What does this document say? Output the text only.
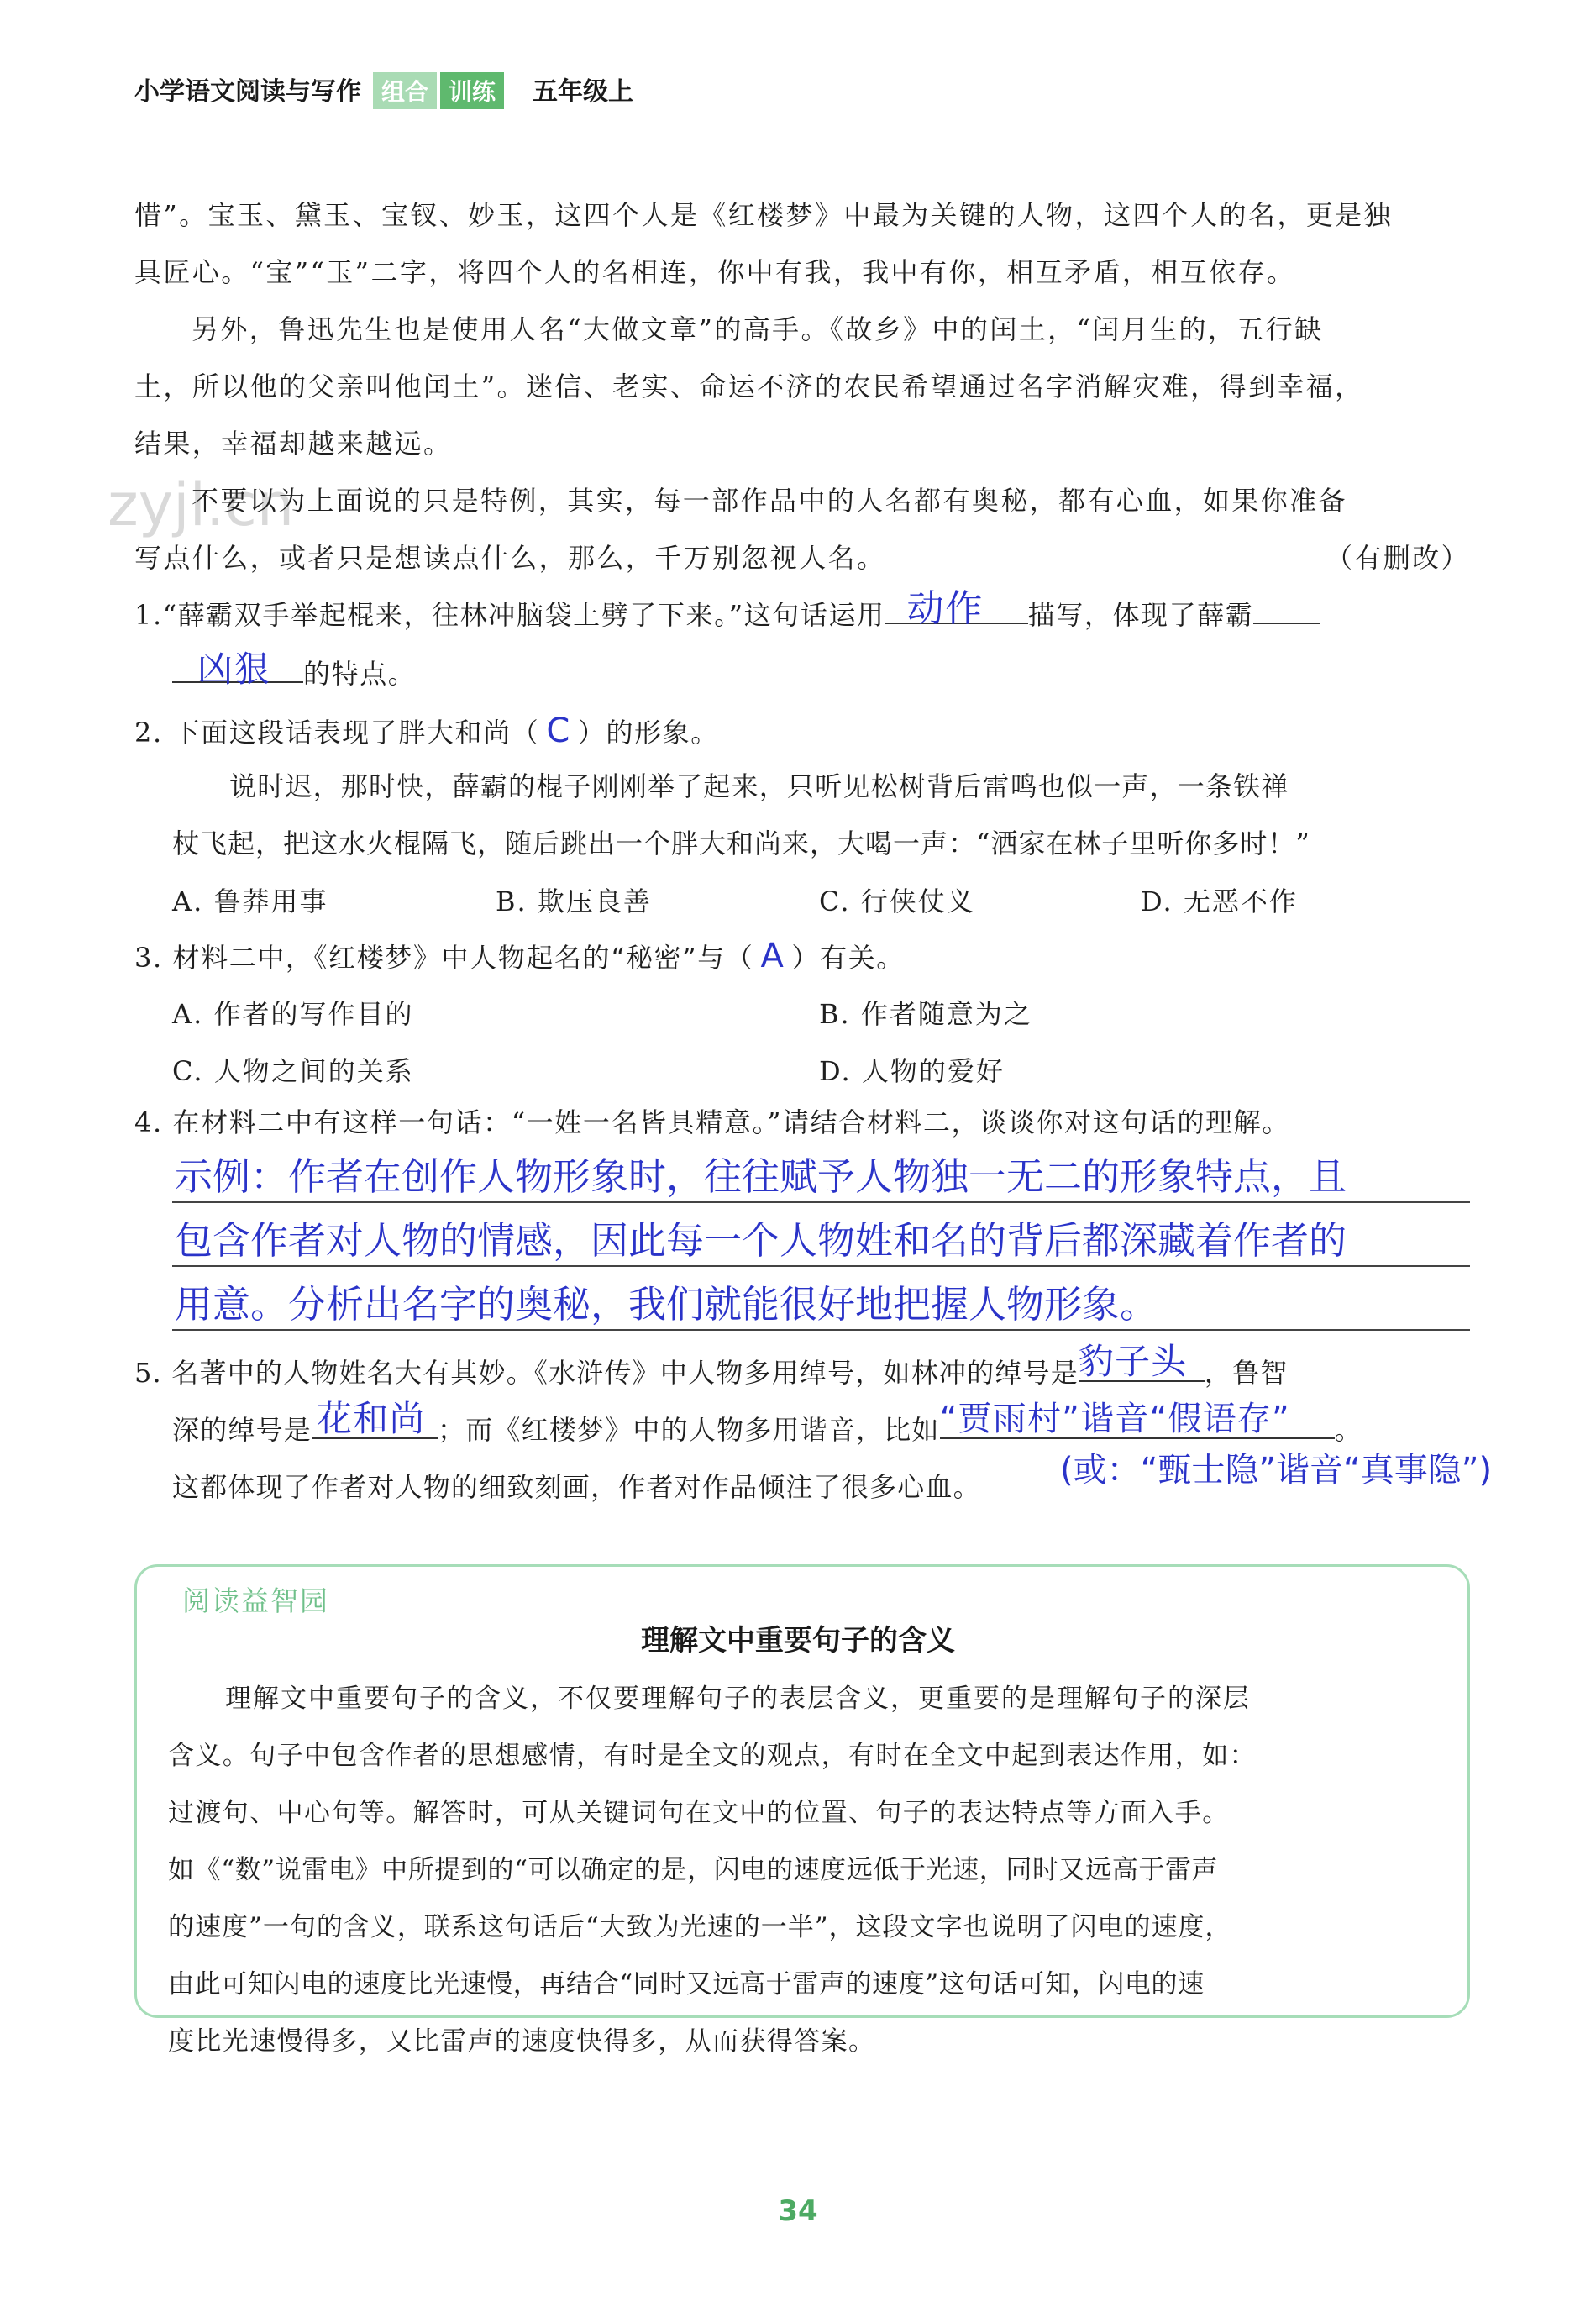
小学语文阅读与写作 组合 训练 五年级上
zyjl.cn
惜”。宝玉、黛玉、宝钗、妙玉，这四个人是《红楼梦》中最为关键的人物，这四个人的名，更是独
具匠心。“宝”“玉”二字，将四个人的名相连，你中有我，我中有你，相互矛盾，相互依存。
另外，鲁迅先生也是使用人名“大做文章”的高手。《故乡》中的闰土，“闰月生的，五行缺
土，所以他的父亲叫他闰土”。迷信、老实、命运不济的农民希望通过名字消解灾难，得到幸福，
结果，幸福却越来越远。
不要以为上面说的只是特例，其实，每一部作品中的人名都有奥秘，都有心血，如果你准备
写点什么，或者只是想读点什么，那么，千万别忽视人名。	（有删改）
1.“薛霸双手举起棍来，往林冲脑袋上劈了下来。”这句话运用 动作 描写，体现了薛霸
凶狠 的特点。
2. 下面这段话表现了胖大和尚（ C ）的形象。
说时迟，那时快，薛霸的棍子刚刚举了起来，只听见松树背后雷鸣也似一声，一条铁禅
杖飞起，把这水火棍隔飞，随后跳出一个胖大和尚来，大喝一声：“洒家在林子里听你多时！”
A. 鲁莽用事	B. 欺压良善	C. 行侠仗义	D. 无恶不作
3. 材料二中，《红楼梦》中人物起名的“秘密”与（ A ）有关。
A. 作者的写作目的	B. 作者随意为之
C. 人物之间的关系	D. 人物的爱好
4. 在材料二中有这样一句话：“一姓一名皆具精意。”请结合材料二，谈谈你对这句话的理解。
示例：作者在创作人物形象时，往往赋予人物独一无二的形象特点，且
包含作者对人物的情感，因此每一个人物姓和名的背后都深藏着作者的
用意。分析出名字的奥秘，我们就能很好地把握人物形象。
5. 名著中的人物姓名大有其妙。《水浒传》中人物多用绰号，如林冲的绰号是 豹子头 ，鲁智
深的绰号是 花和尚 ；而《红楼梦》中的人物多用谐音，比如 “贾雨村”谐音“假语存” 。
(或：“甄士隐”谐音“真事隐”)
这都体现了作者对人物的细致刻画，作者对作品倾注了很多心血。
阅读益智园
理解文中重要句子的含义
理解文中重要句子的含义，不仅要理解句子的表层含义，更重要的是理解句子的深层
含义。句子中包含作者的思想感情，有时是全文的观点，有时在全文中起到表达作用，如：
过渡句、中心句等。解答时，可从关键词句在文中的位置、句子的表达特点等方面入手。
如《“数”说雷电》中所提到的“可以确定的是，闪电的速度远低于光速，同时又远高于雷声
的速度”一句的含义，联系这句话后“大致为光速的一半”，这段文字也说明了闪电的速度，
由此可知闪电的速度比光速慢，再结合“同时又远高于雷声的速度”这句话可知，闪电的速
度比光速慢得多，又比雷声的速度快得多，从而获得答案。
34
